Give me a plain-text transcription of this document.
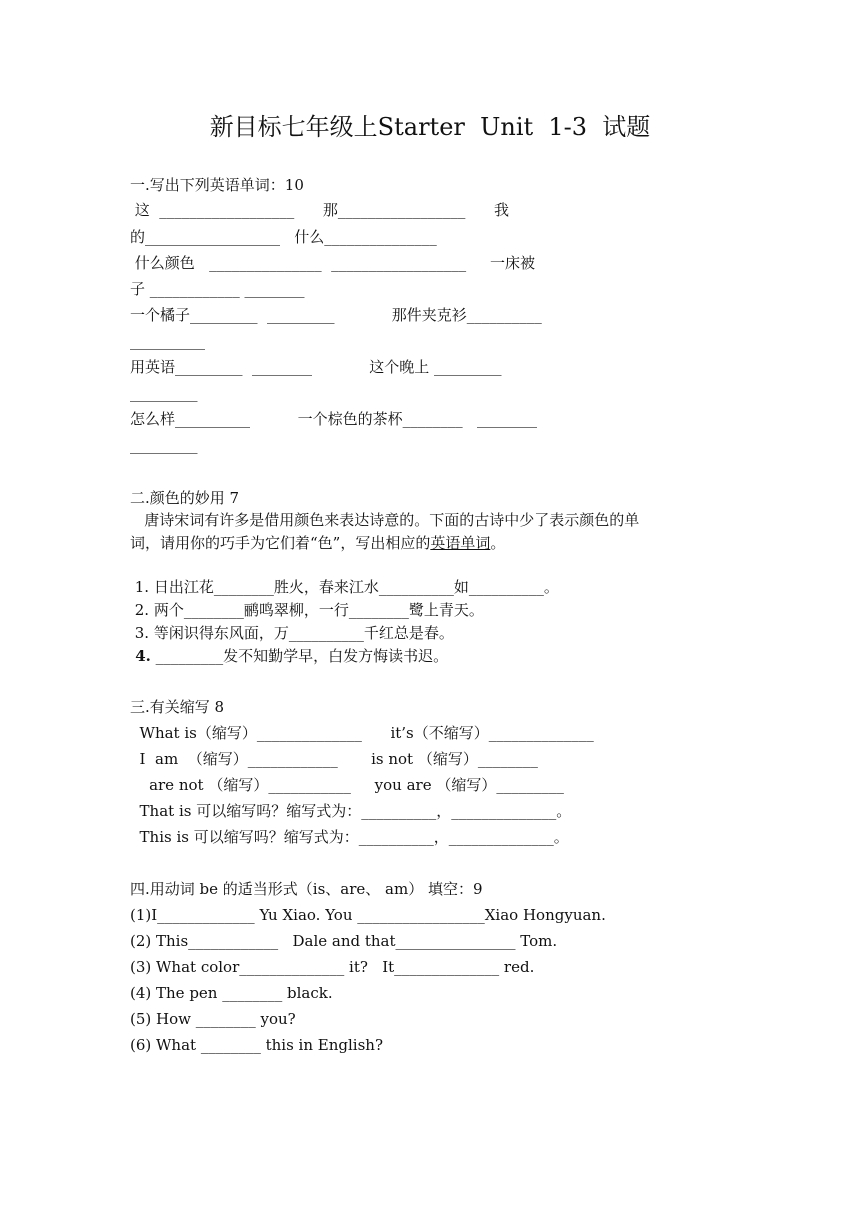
新目标七年级上Starter  Unit  1-3  试题
一.写出下列英语单词：10
这  __________________      那_________________      我
的__________________   什么_______________
什么颜色   _______________  __________________     一床被
子 ____________ ________
一个橘子_________  _________            那件夹克衫__________
__________
用英语_________  ________            这个晚上 _________
_________
怎么样__________          一个棕色的茶杯________   ________
_________
二.颜色的妙用 7
唐诗宋词有许多是借用颜色来表达诗意的。下面的古诗中少了表示颜色的单
词，请用你的巧手为它们着“色”，写出相应的英语单词。
1. 日出江花________胜火，春来江水__________如__________。
2. 两个________鹂鸣翠柳，一行________鹭上青天。
3. 等闲识得东风面，万__________千红总是春。
4. _________发不知勤学早，白发方悔读书迟。
三.有关缩写 8
What is（缩写）______________      it’s（不缩写）______________
I  am  （缩写）____________       is not （缩写）________
are not （缩写）___________     you are （缩写）_________
That is 可以缩写吗？缩写式为：__________，______________。
This is 可以缩写吗？缩写式为：__________，______________。
四.用动词 be 的适当形式（is、are、 am） 填空：9
(1)I_____________ Yu Xiao. You _________________Xiao Hongyuan.
(2) This____________   Dale and that________________ Tom.
(3) What color______________ it?   It______________ red.
(4) The pen ________ black.
(5) How ________ you?
(6) What ________ this in English?
